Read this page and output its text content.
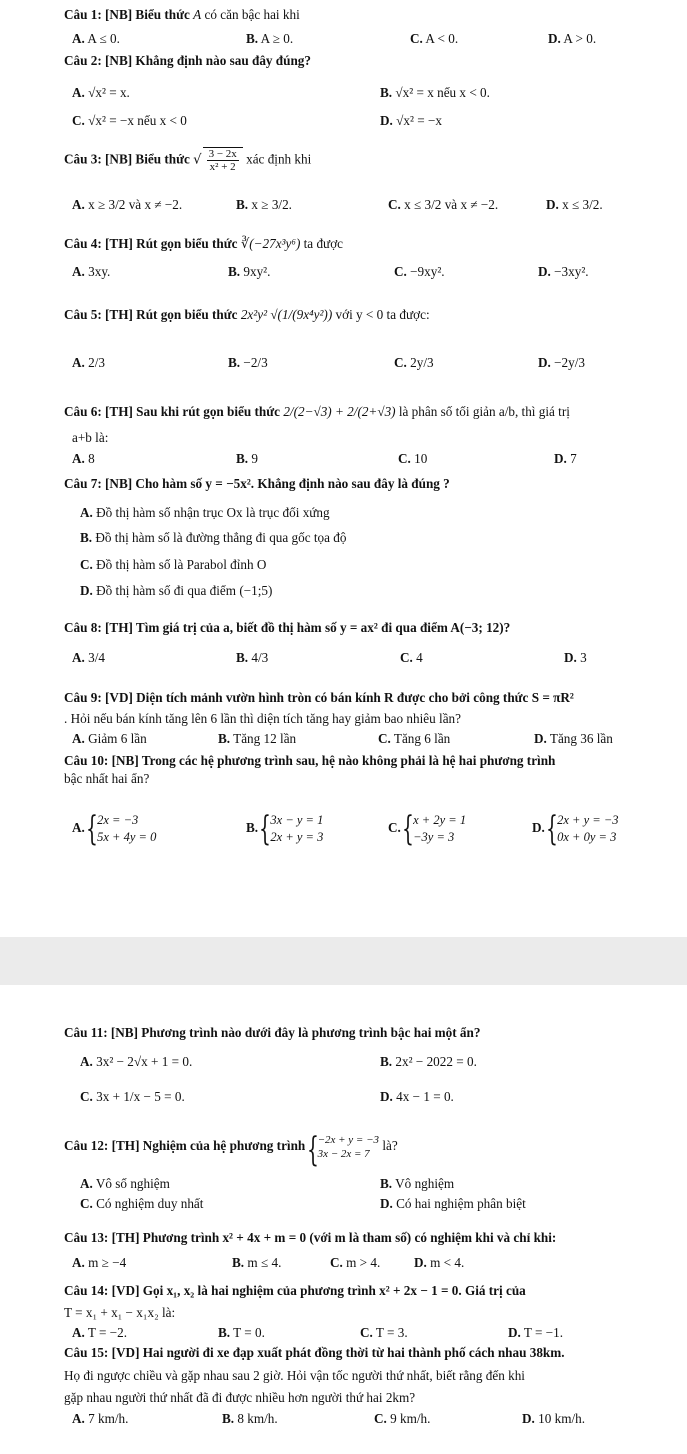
Câu 1: [NB] Biểu thức A có căn bậc hai khi
A. A ≤ 0.	B. A ≥ 0.	C. A < 0.	D. A > 0.
Câu 2: [NB] Khẳng định nào sau đây đúng?
A. √x² = x.	B. √x² = x nếu x < 0.
C. √x² = −x nếu x < 0	D. √x² = −x
Câu 3: [NB] Biểu thức √ $\frac{3 - 2x}{\text{x² + 2}}$ xác định khi
A. x ≥ 3/2 và x ≠ −2.	B. x ≥ 3/2.	C. x ≤ 3/2 và x ≠ −2.	D. x ≤ 3/2.
Câu 4: [TH] Rút gọn biểu thức ∛(−27x³y⁶) ta được
A. 3xy.	B. 9xy².	C. −9xy².	D. −3xy².
Câu 5: [TH] Rút gọn biểu thức 2x²y² √(1/(9x⁴y²)) với y < 0 ta được:
A. 2/3	B. −2/3	C. 2y/3	D. −2y/3
Câu 6: [TH] Sau khi rút gọn biểu thức 2/(2−√3) + 2/(2+√3) là phân số tối giản a/b, thì giá trị
a+b là:
A. 8	B. 9	C. 10	D. 7
Câu 7: [NB] Cho hàm số y = −5x². Khẳng định nào sau đây là đúng ?
A. Đồ thị hàm số nhận trục Ox là trục đối xứng
B. Đồ thị hàm số là đường thẳng đi qua gốc tọa độ
C. Đồ thị hàm số là Parabol đỉnh O
D. Đồ thị hàm số đi qua điểm (−1;5)
Câu 8: [TH] Tìm giá trị của a, biết đồ thị hàm số y = ax² đi qua điểm A(−3; 12)?
A. 3/4	B. 4/3	C. 4	D. 3
Câu 9: [VD] Diện tích mảnh vườn hình tròn có bán kính R được cho bởi công thức S = πR²
. Hỏi nếu bán kính tăng lên 6 lần thì diện tích tăng hay giảm bao nhiêu lần?
A. Giảm 6 lần	B. Tăng 12 lần	C. Tăng 6 lần	D. Tăng 36 lần
Câu 10: [NB] Trong các hệ phương trình sau, hệ nào không phải là hệ hai phương trình
bậc nhất hai ẩn?
A.
{ 2x = −3
5x + 4y = 0
B.
{ 3x − y = 1
2x + y = 3
C.
{ x + 2y = 1
−3y = 3
D.
{ 2x + y = −3
0x + 0y = 3
Câu 11: [NB] Phương trình nào dưới đây là phương trình bậc hai một ẩn?
A. 3x² − 2√x + 1 = 0.	B. 2x² − 2022 = 0.
C. 3x + 1/x − 5 = 0.	D. 4x − 1 = 0.
Câu 12: [TH] Nghiệm của hệ phương trình
{ −2x + y = −3
3x − 2x = 7
là?
A. Vô số nghiệm	B. Vô nghiệm
C. Có nghiệm duy nhất	D. Có hai nghiệm phân biệt
Câu 13: [TH] Phương trình x² + 4x + m = 0 (với m là tham số) có nghiệm khi và chỉ khi:
A. m ≥ −4	B. m ≤ 4.	C. m > 4.	D. m < 4.
Câu 14: [VD] Gọi x₁, x₂ là hai nghiệm của phương trình x² + 2x − 1 = 0. Giá trị của
T = x₁ + x₁ − x₁x₂ là:
A. T = −2.	B. T = 0.	C. T = 3.	D. T = −1.
Câu 15: [VD] Hai người đi xe đạp xuất phát đồng thời từ hai thành phố cách nhau 38km.
Họ đi ngược chiều và gặp nhau sau 2 giờ. Hỏi vận tốc người thứ nhất, biết rằng đến khi
gặp nhau người thứ nhất đã đi được nhiều hơn người thứ hai 2km?
A. 7 km/h.	B. 8 km/h.	C. 9 km/h.	D. 10 km/h.
